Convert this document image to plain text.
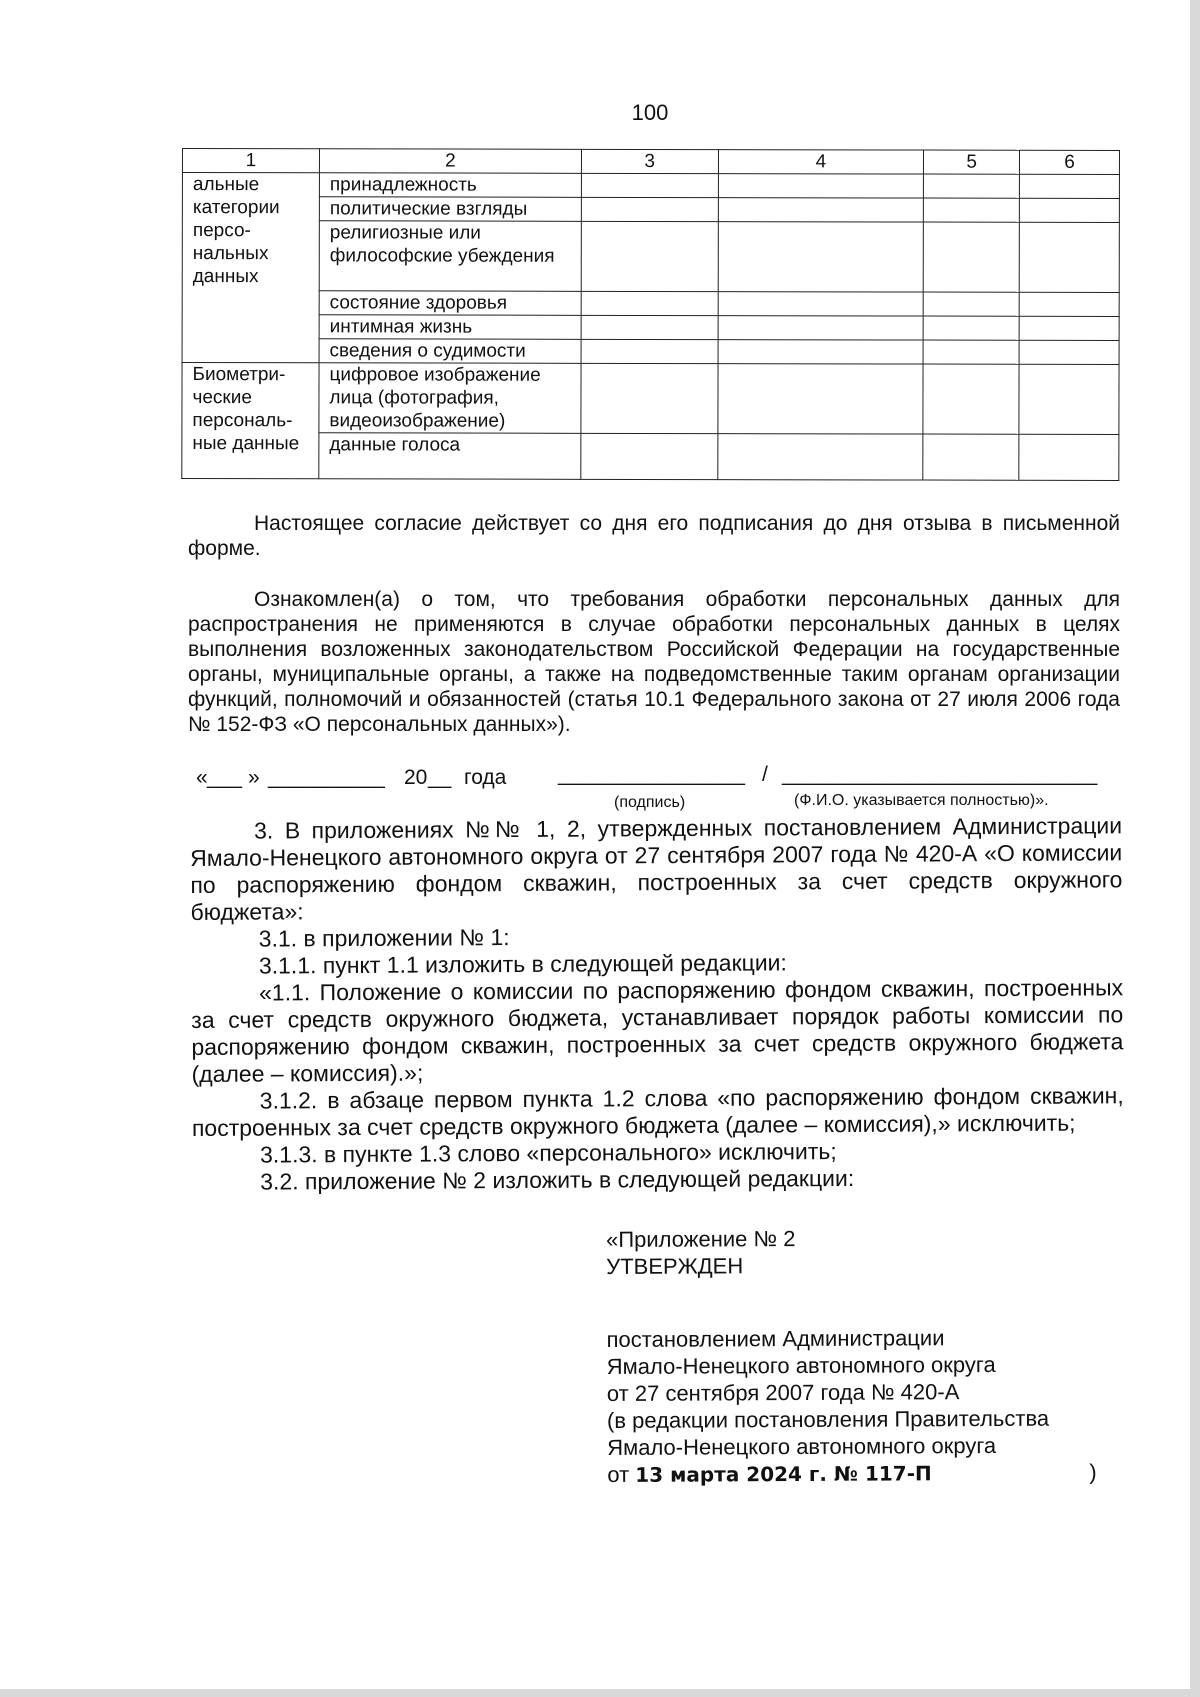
100
1	2	3	4	5	6
альные категории персо-нальных данных	принадлежность				
	политические взгляды				
	религиозные или философские убеждения				
	состояние здоровья				
	интимная жизнь				
	сведения о судимости				
Биометри-ческие персональ-ные данные	цифровое изображение лица (фотография, видеоизображение)				
	данные голоса				
Настоящее согласие действует со дня его подписания до дня отзыва в письменной форме.
Ознакомлен(а) о том, что требования обработки персональных данных для распространения не применяются в случае обработки персональных данных в целях выполнения возложенных законодательством Российской Федерации на государственные органы, муниципальные органы, а также на подведомственные таким органам организации функций, полномочий и обязанностей (статья 10.1 Федерального закона от 27 июля 2006 года № 152-ФЗ «О персональных данных»).
« ___ » __________ 20 __ года ________________ / ___________________________
(подпись)	(Ф.И.О. указывается полностью)».

3. В приложениях №№ 1, 2, утвержденных постановлением Администрации Ямало-Ненецкого автономного округа от 27 сентября 2007 года № 420-А «О комиссии по распоряжению фондом скважин, построенных за счет средств окружного бюджета»:

3.1. в приложении № 1:

3.1.1. пункт 1.1 изложить в следующей редакции:

«1.1. Положение о комиссии по распоряжению фондом скважин, построенных за счет средств окружного бюджета, устанавливает порядок работы комиссии по распоряжению фондом скважин, построенных за счет средств окружного бюджета (далее – комиссия).»;

3.1.2. в абзаце первом пункта 1.2 слова «по распоряжению фондом скважин, построенных за счет средств окружного бюджета (далее – комиссия),» исключить;

3.1.3. в пункте 1.3 слово «персонального» исключить;

3.2. приложение № 2 изложить в следующей редакции:

«Приложение № 2
УТВЕРЖДЕН
постановлением Администрации
Ямало-Ненецкого автономного округа
от 27 сентября 2007 года № 420-А
(в редакции постановления Правительства
Ямало-Ненецкого автономного округа
от 13 марта 2024 г. № 117-П	)
